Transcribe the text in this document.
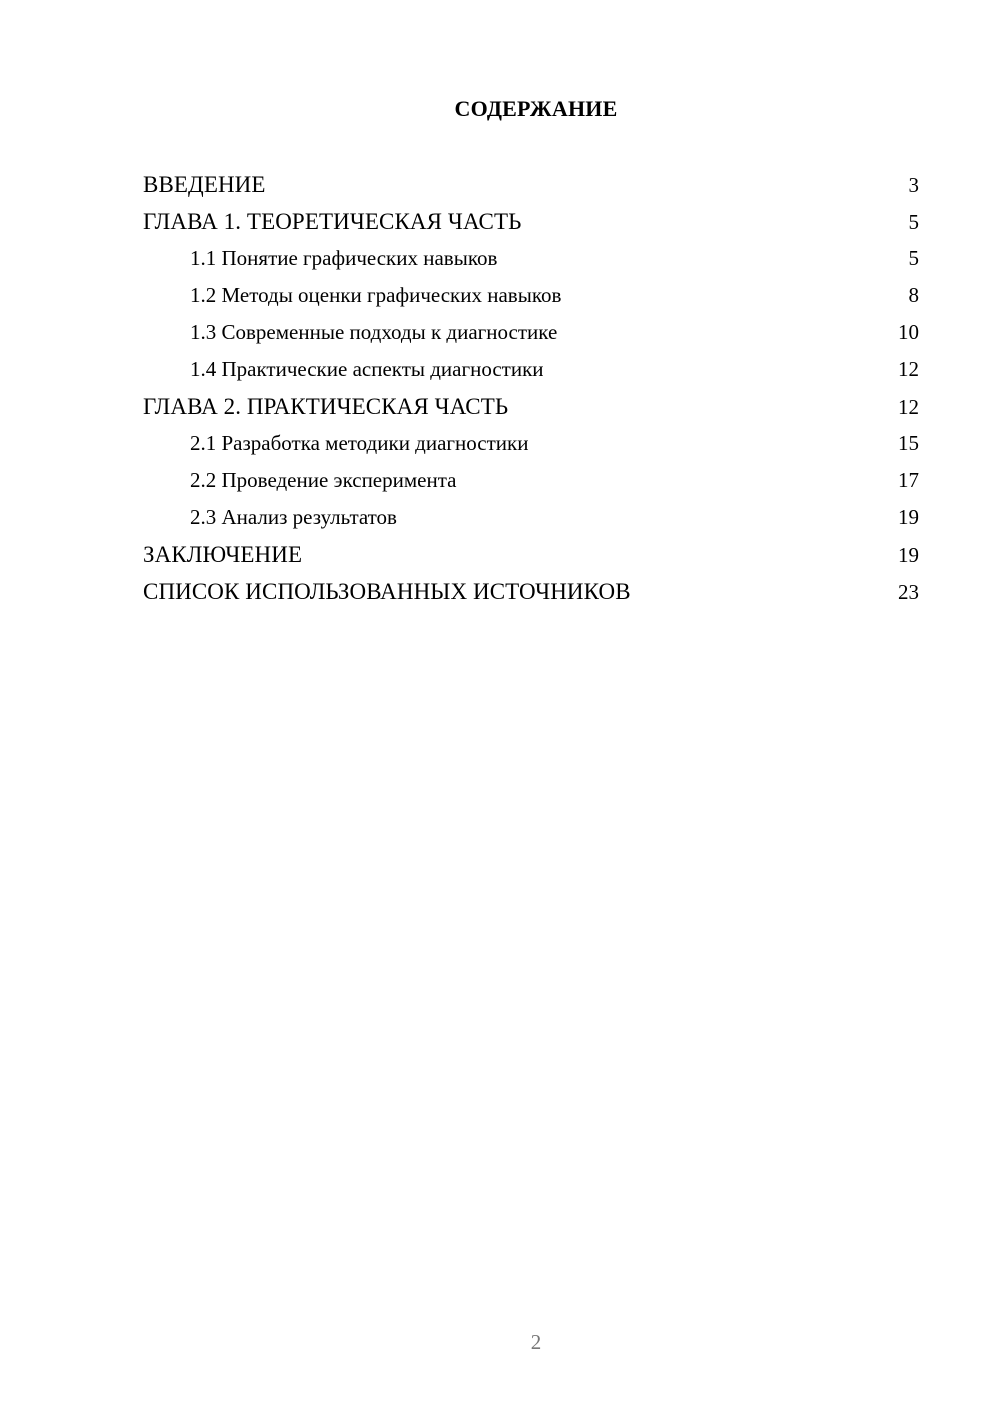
СОДЕРЖАНИЕ
ВВЕДЕНИЕ	3
ГЛАВА 1. ТЕОРЕТИЧЕСКАЯ ЧАСТЬ	5
1.1 Понятие графических навыков	5
1.2 Методы оценки графических навыков	8
1.3 Современные подходы к диагностике	10
1.4 Практические аспекты диагностики	12
ГЛАВА 2. ПРАКТИЧЕСКАЯ ЧАСТЬ	12
2.1 Разработка методики диагностики	15
2.2 Проведение эксперимента	17
2.3 Анализ результатов	19
ЗАКЛЮЧЕНИЕ	19
СПИСОК ИСПОЛЬЗОВАННЫХ ИСТОЧНИКОВ	23
2
